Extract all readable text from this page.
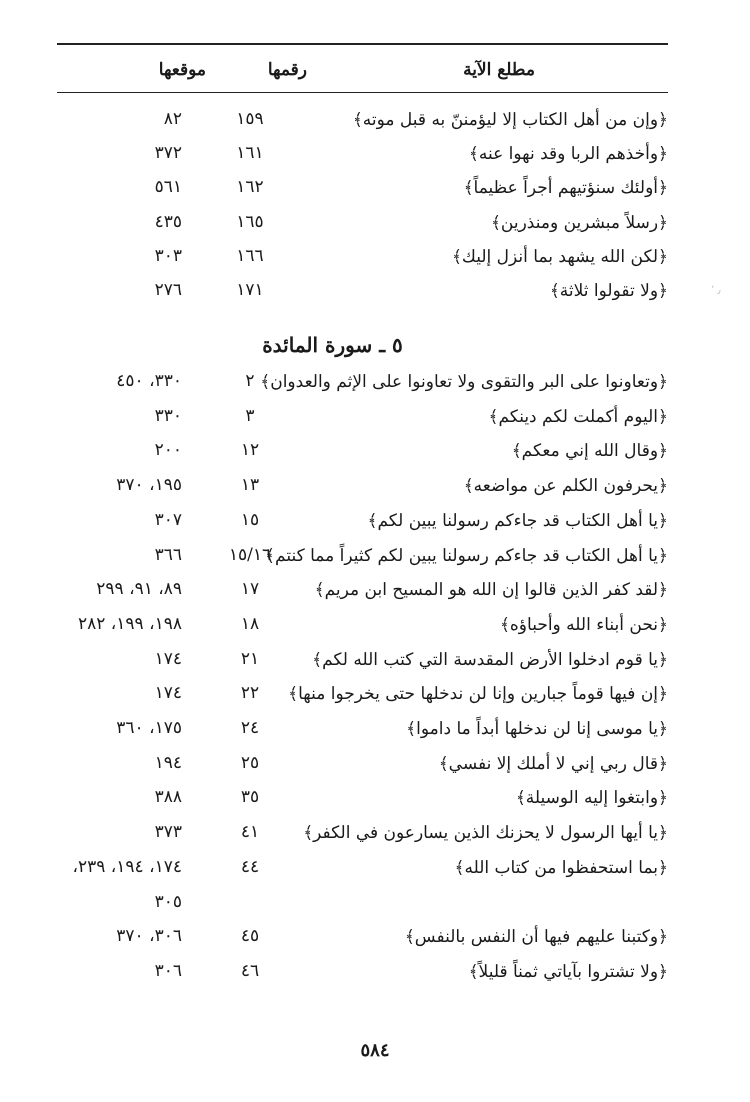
مطلع الآية
رقمها
موقعها
﴿وإن من أهل الكتاب إلا ليؤمننّ به قبل موته﴾
١٥٩
٨٢
﴿وأخذهم الربا وقد نهوا عنه﴾
١٦١
٣٧٢
﴿أولئك سنؤتيهم أجراً عظيماً﴾
١٦٢
٥٦١
﴿رسلاً مبشرين ومنذرين﴾
١٦٥
٤٣٥
﴿لكن الله يشهد بما أنزل إليك﴾
١٦٦
٣٠٣
﴿ولا تقولوا ثلاثة﴾
١٧١
٢٧٦
٥ ـ سورة المائدة
﴿وتعاونوا على البر والتقوى ولا تعاونوا على الإثم والعدوان﴾
٢
٣٣٠، ٤٥٠
﴿اليوم أكملت لكم دينكم﴾
٣
٣٣٠
﴿وقال الله إني معكم﴾
١٢
٢٠٠
﴿يحرفون الكلم عن مواضعه﴾
١٣
١٩٥، ٣٧٠
﴿يا أهل الكتاب قد جاءكم رسولنا يبين لكم﴾
١٥
٣٠٧
﴿يا أهل الكتاب قد جاءكم رسولنا يبين لكم كثيراً مما كنتم﴾
١٥/١٦
٣٦٦
﴿لقد كفر الذين قالوا إن الله هو المسيح ابن مريم﴾
١٧
٨٩، ٩١، ٢٩٩
﴿نحن أبناء الله وأحباؤه﴾
١٨
١٩٨، ١٩٩، ٢٨٢
﴿يا قوم ادخلوا الأرض المقدسة التي كتب الله لكم﴾
٢١
١٧٤
﴿إن فيها قوماً جبارين وإنا لن ندخلها حتى يخرجوا منها﴾
٢٢
١٧٤
﴿يا موسى إنا لن ندخلها أبداً ما داموا﴾
٢٤
١٧٥، ٣٦٠
﴿قال ربي إني لا أملك إلا نفسي﴾
٢٥
١٩٤
﴿وابتغوا إليه الوسيلة﴾
٣٥
٣٨٨
﴿يا أيها الرسول لا يحزنك الذين يسارعون في الكفر﴾
٤١
٣٧٣
﴿بما استحفظوا من كتاب الله﴾
٤٤
١٧٤، ١٩٤، ٢٣٩،
٣٠٥
﴿وكتبنا عليهم فيها أن النفس بالنفس﴾
٤٥
٣٠٦، ٣٧٠
﴿ولا تشتروا بآياتي ثمناً قليلاً﴾
٤٦
٣٠٦
’ ٫
٥٨٤
